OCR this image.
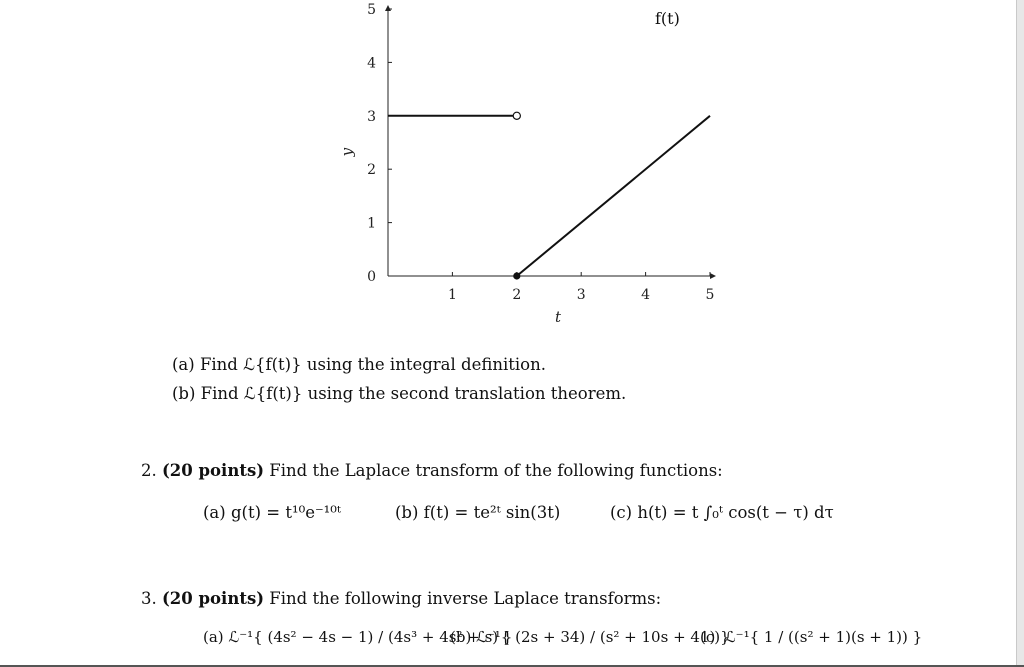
f(t)
y
t
1	2	3	4	5
0
1
2
3
4
5
(a) Find ℒ{f(t)} using the integral definition.
(b) Find ℒ{f(t)} using the second translation theorem.
2. (20 points) Find the Laplace transform of the following functions:
(a) g(t) = t¹⁰e⁻¹⁰ᵗ	(b) f(t) = te²ᵗ sin(3t)	(c) h(t) = t ∫₀ᵗ cos(t − τ) dτ
3. (20 points) Find the following inverse Laplace transforms:
(a) ℒ⁻¹{ (4s² − 4s − 1) / (4s³ + 4s² + s) }
(b) ℒ⁻¹{ (2s + 34) / (s² + 10s + 41) }
(c) ℒ⁻¹{ 1 / ((s² + 1)(s + 1)) }
